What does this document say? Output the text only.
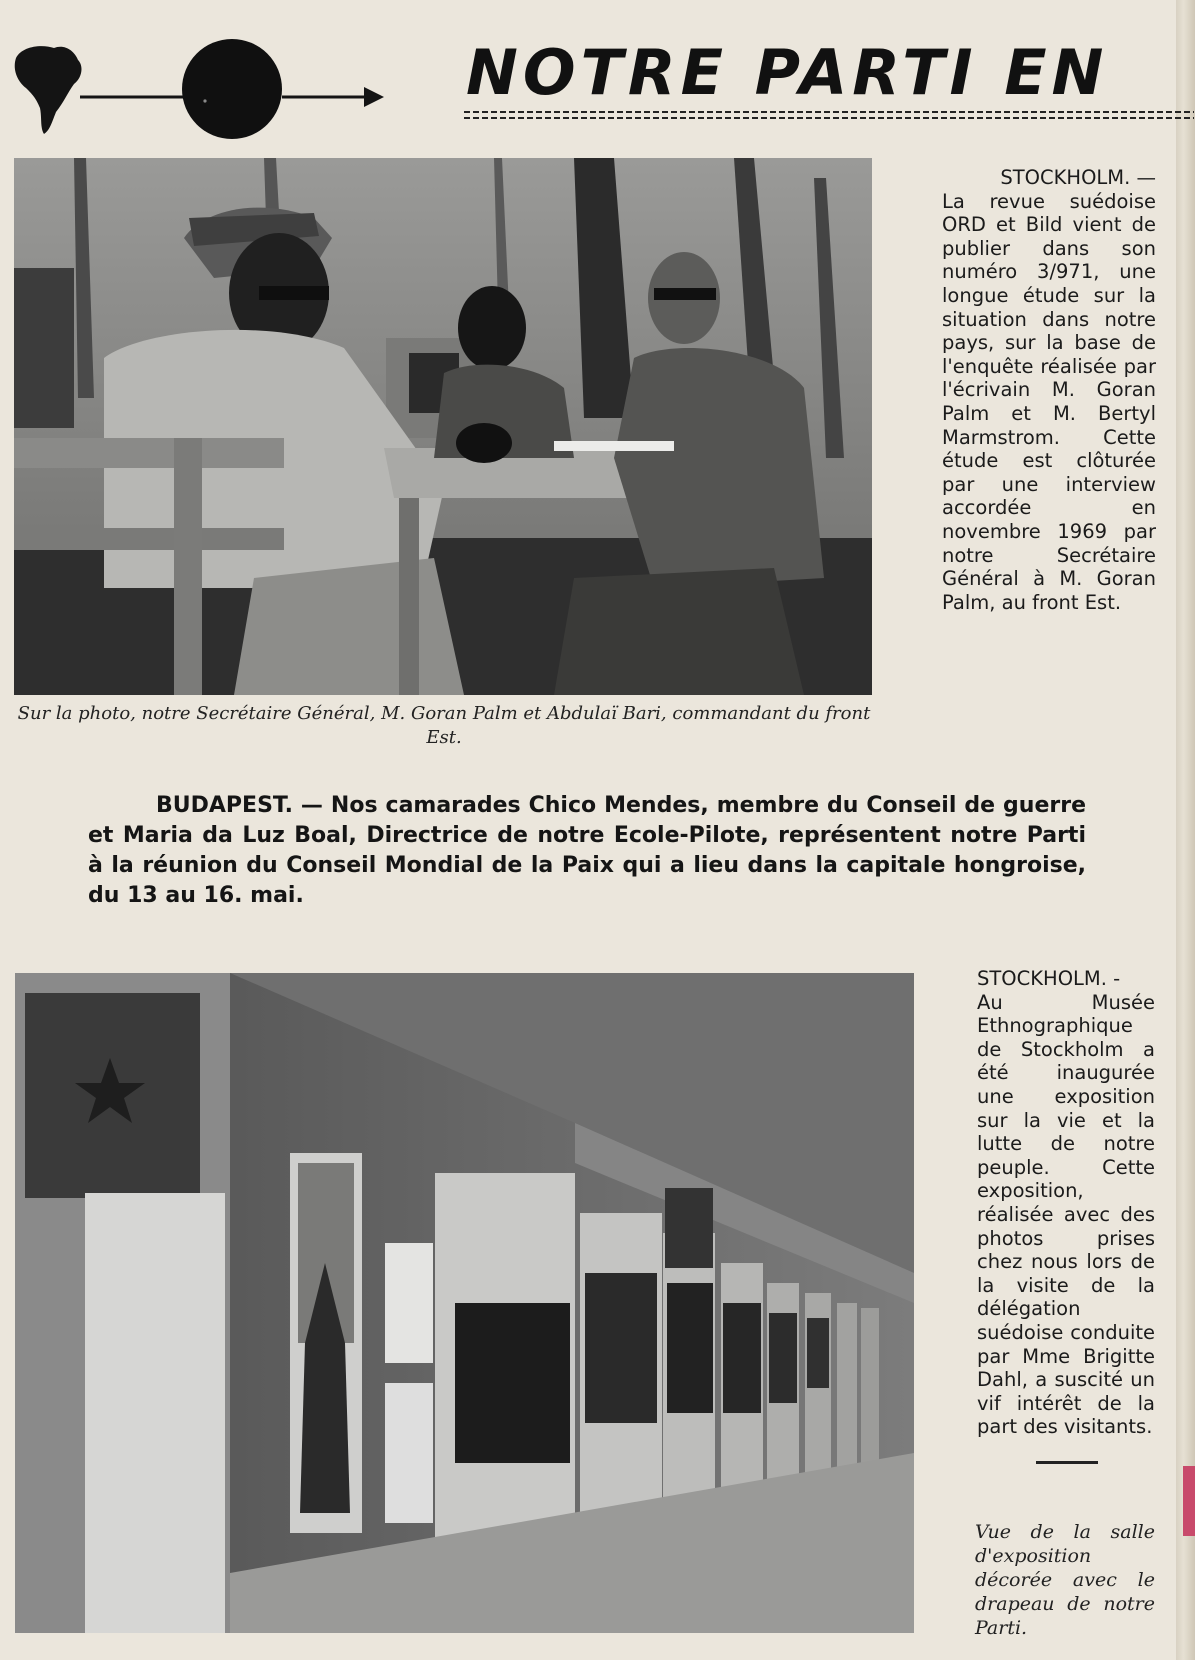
NOTRE PARTI EN
Sur la photo, notre Secrétaire Général, M. Goran Palm et Abdulaï Bari, commandant du front Est.
STOCKHOLM. —
La revue suédoise ORD et Bild vient de publier dans son numéro 3/971, une longue étude sur la situation dans notre pays, sur la base de l'enquête réalisée par l'écrivain M. Goran Palm et M. Bertyl Marmstrom. Cette étude est clôturée par une interview accordée en novembre 1969 par notre Secrétaire Général à M. Goran Palm, au front Est.
BUDAPEST. — Nos camarades Chico Mendes, membre du Conseil de guerre et Maria da Luz Boal, Directrice de notre Ecole-Pilote, représentent notre Parti à la réunion du Conseil Mondial de la Paix qui a lieu dans la capitale hongroise, du 13 au 16. mai.
STOCKHOLM. -
Au Musée Ethnographique de Stockholm a été inaugurée une exposition sur la vie et la lutte de notre peuple. Cette exposition, réalisée avec des photos prises chez nous lors de la visite de la délégation suédoise conduite par Mme Brigitte Dahl, a suscité un vif intérêt de la part des visitants.
Vue de la salle d'exposition décorée avec le drapeau de notre Parti.
